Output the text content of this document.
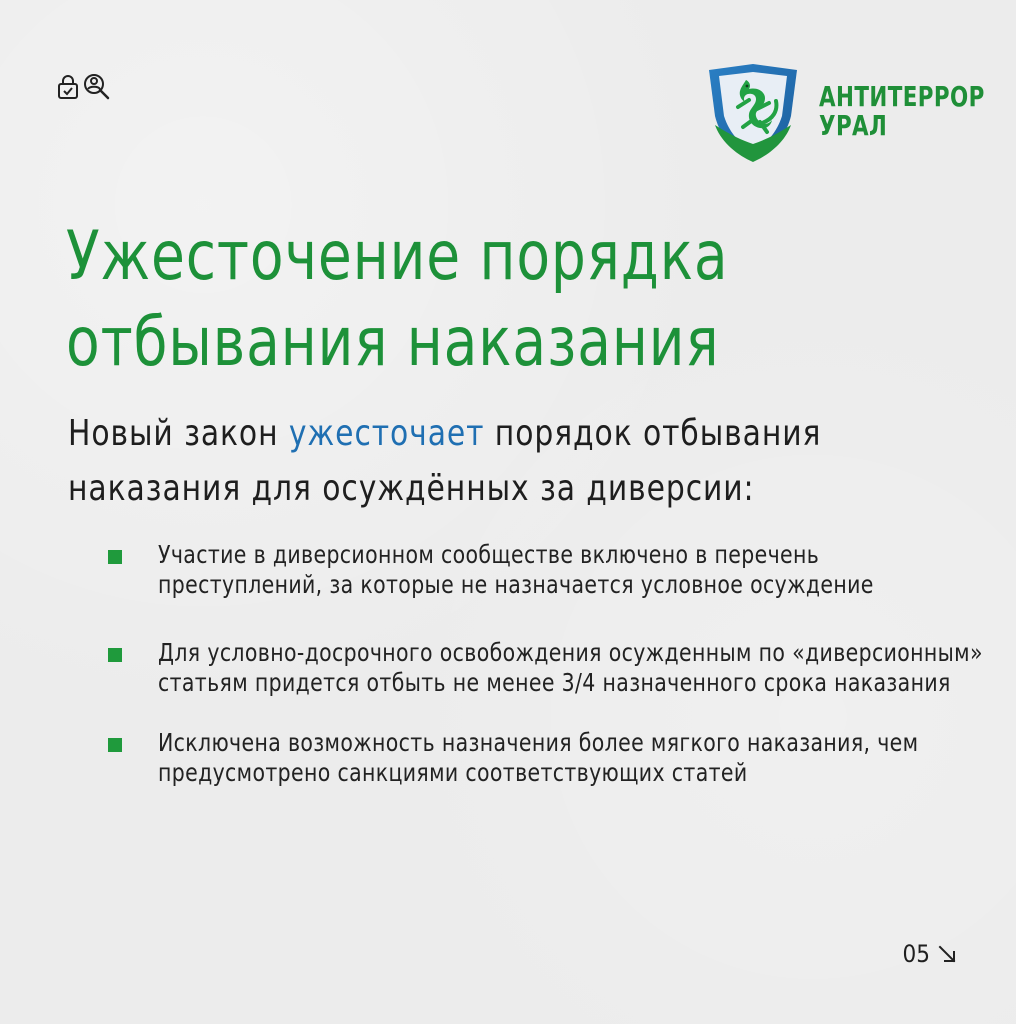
АНТИТЕРРОР
УРАЛ
Ужесточение порядка отбывания наказания

Новый закон ужесточает порядок отбывания наказания для осуждённых за диверсии:

Участие в диверсионном сообществе включено в перечень преступлений, за которые не назначается условное осуждение
Для условно-досрочного освобождения осужденным по «диверсионным» статьям придется отбыть не менее 3/4 назначенного срока наказания
Исключена возможность назначения более мягкого наказания, чем предусмотрено санкциями соответствующих статей
05
